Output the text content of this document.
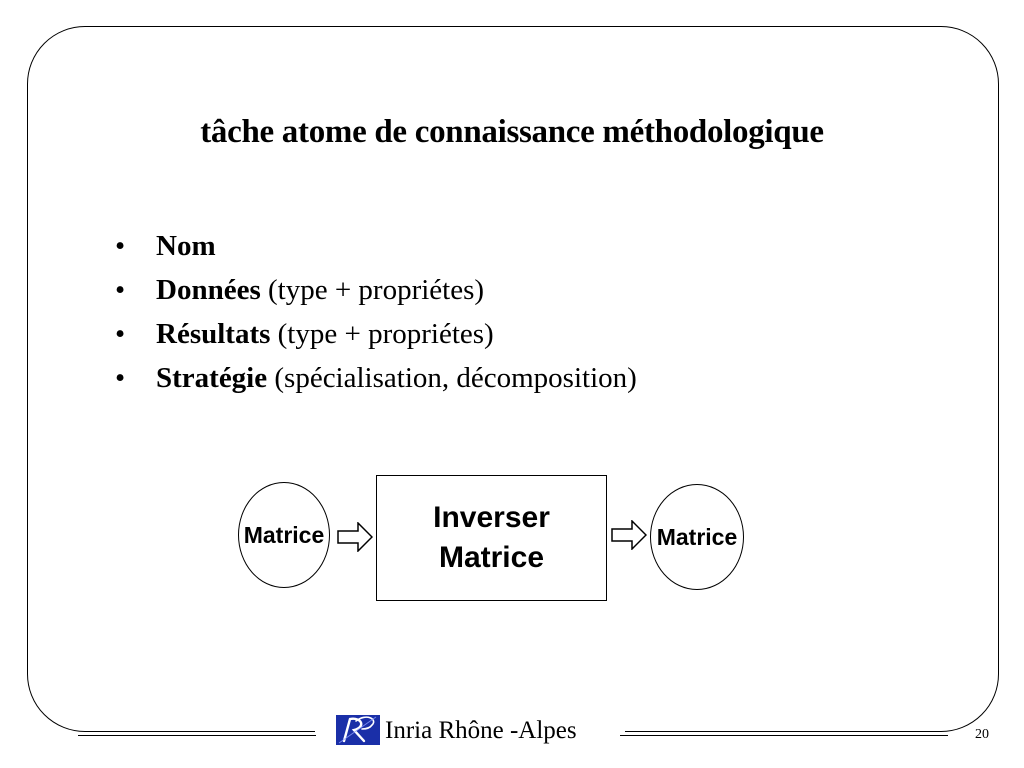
tâche atome de connaissance méthodologique
• Nom
• Données (type + propriétes)
• Résultats (type + propriétes)
• Stratégie (spécialisation, décomposition)
Matrice
Inverser
Matrice
Matrice
Inria Rhône -Alpes	20
